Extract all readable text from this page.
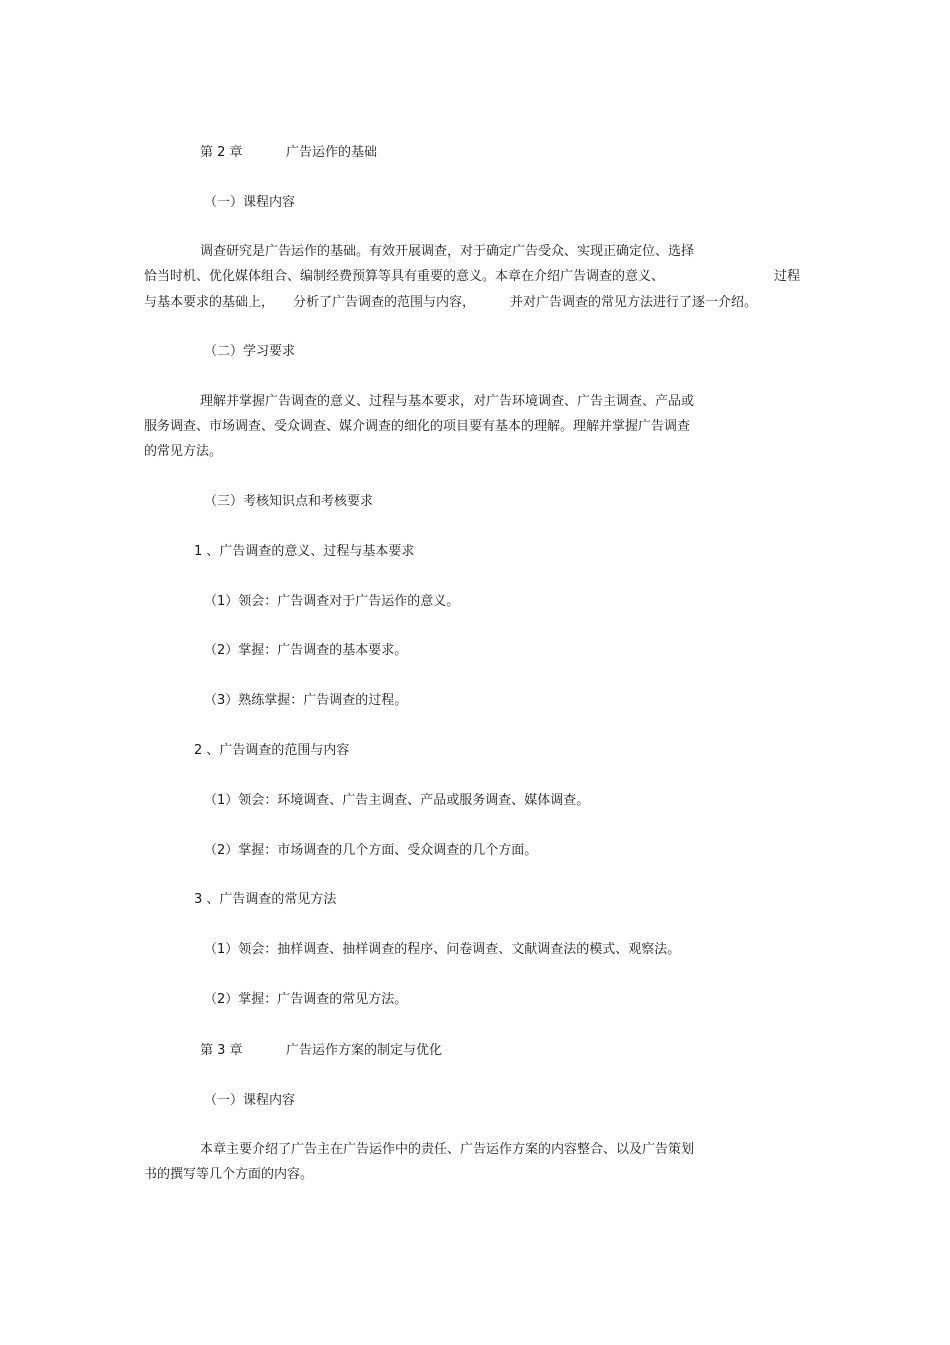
第 2 章	广告运作的基础
（一）课程内容
调查研究是广告运作的基础。有效开展调查，对于确定广告受众、实现正确定位、选择
恰当时机、优化媒体组合、编制经费预算等具有重要的意义。本章在介绍广告调查的意义、	过程
与基本要求的基础上， 分析了广告调查的范围与内容，	并对广告调查的常见方法进行了逐一介绍。
（二）学习要求
理解并掌握广告调查的意义、过程与基本要求，对广告环境调查、广告主调查、产品或
服务调查、市场调查、受众调查、媒介调查的细化的项目要有基本的理解。理解并掌握广告调查
的常见方法。
（三）考核知识点和考核要求
1 、广告调查的意义、过程与基本要求
（1）领会：广告调查对于广告运作的意义。
（2）掌握：广告调查的基本要求。
（3）熟练掌握：广告调查的过程。
2 、广告调查的范围与内容
（1）领会：环境调查、广告主调查、产品或服务调查、媒体调查。
（2）掌握：市场调查的几个方面、受众调查的几个方面。
3 、广告调查的常见方法
（1）领会：抽样调查、抽样调查的程序、问卷调查、文献调查法的模式、观察法。
（2）掌握：广告调查的常见方法。
第 3 章	广告运作方案的制定与优化
（一）课程内容
本章主要介绍了广告主在广告运作中的责任、广告运作方案的内容整合、以及广告策划
书的撰写等几个方面的内容。
